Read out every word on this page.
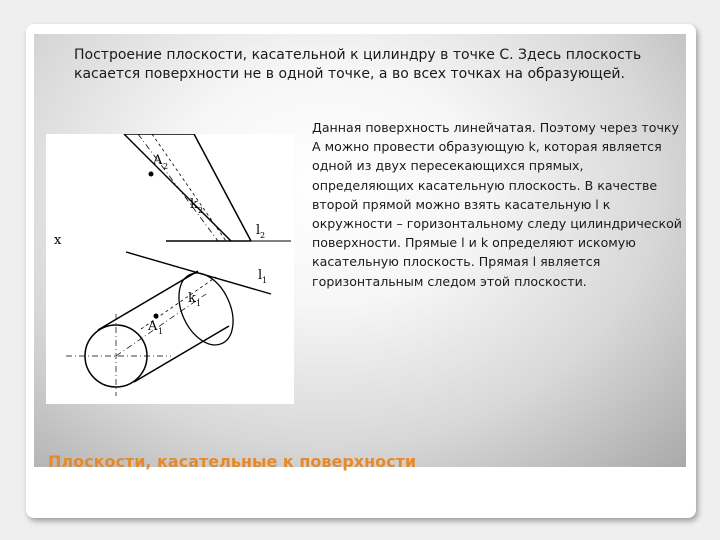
Построение плоскости, касательной к цилиндру в точке С. Здесь плоскость касается поверхности не в одной точке, а во всех точках на образующей.

x
A 2
k 2
l 2
l 1
k 1
A 1

Данная поверхность линейчатая. Поэтому через точку А можно провести образующую k, которая является одной из двух пересекающихся прямых, определяющих касательную плоскость. В качестве второй прямой можно взять касательную l к окружности – горизонтальному следу цилиндрической поверхности. Прямые l и k определяют искомую касательную плоскость. Прямая l является горизонтальным следом этой плоскости.

Плоскости, касательные к поверхности
